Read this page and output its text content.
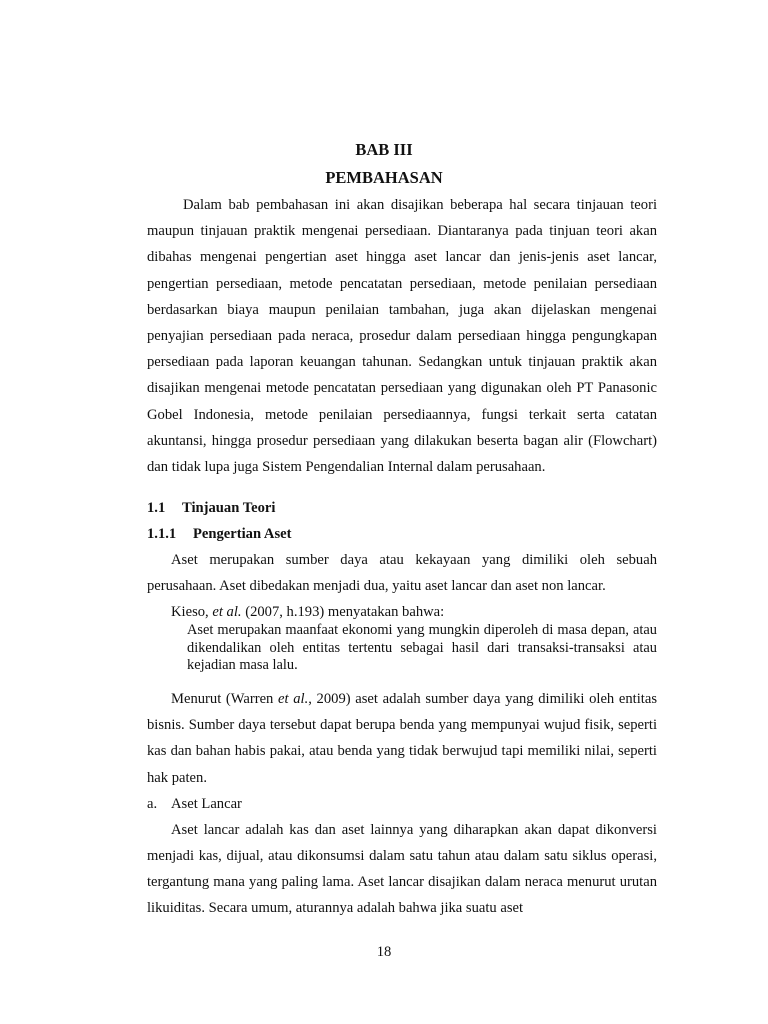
BAB III
PEMBAHASAN

Dalam bab pembahasan ini akan disajikan beberapa hal secara tinjauan teori maupun tinjauan praktik mengenai persediaan. Diantaranya pada tinjuan teori akan dibahas mengenai pengertian aset hingga aset lancar dan jenis-jenis aset lancar, pengertian persediaan, metode pencatatan persediaan, metode penilaian persediaan berdasarkan biaya maupun penilaian tambahan, juga akan dijelaskan mengenai penyajian persediaan pada neraca, prosedur dalam persediaan hingga pengungkapan persediaan pada laporan keuangan tahunan. Sedangkan untuk tinjauan praktik akan disajikan mengenai metode pencatatan persediaan yang digunakan oleh PT Panasonic Gobel Indonesia, metode penilaian persediaannya, fungsi terkait serta catatan akuntansi, hingga prosedur persediaan yang dilakukan beserta bagan alir (Flowchart) dan tidak lupa juga Sistem Pengendalian Internal dalam perusahaan.

1.1 Tinjauan Teori

1.1.1 Pengertian Aset

Aset merupakan sumber daya atau kekayaan yang dimiliki oleh sebuah perusahaan. Aset dibedakan menjadi dua, yaitu aset lancar dan aset non lancar.

Kieso, et al. (2007, h.193) menyatakan bahwa:

Aset merupakan maanfaat ekonomi yang mungkin diperoleh di masa depan, atau dikendalikan oleh entitas tertentu sebagai hasil dari transaksi-transaksi atau kejadian masa lalu.

Menurut (Warren et al., 2009) aset adalah sumber daya yang dimiliki oleh entitas bisnis. Sumber daya tersebut dapat berupa benda yang mempunyai wujud fisik, seperti kas dan bahan habis pakai, atau benda yang tidak berwujud tapi memiliki nilai, seperti hak paten.

a. Aset Lancar

Aset lancar adalah kas dan aset lainnya yang diharapkan akan dapat dikonversi menjadi kas, dijual, atau dikonsumsi dalam satu tahun atau dalam satu siklus operasi, tergantung mana yang paling lama. Aset lancar disajikan dalam neraca menurut urutan likuiditas. Secara umum, aturannya adalah bahwa jika suatu aset

18
